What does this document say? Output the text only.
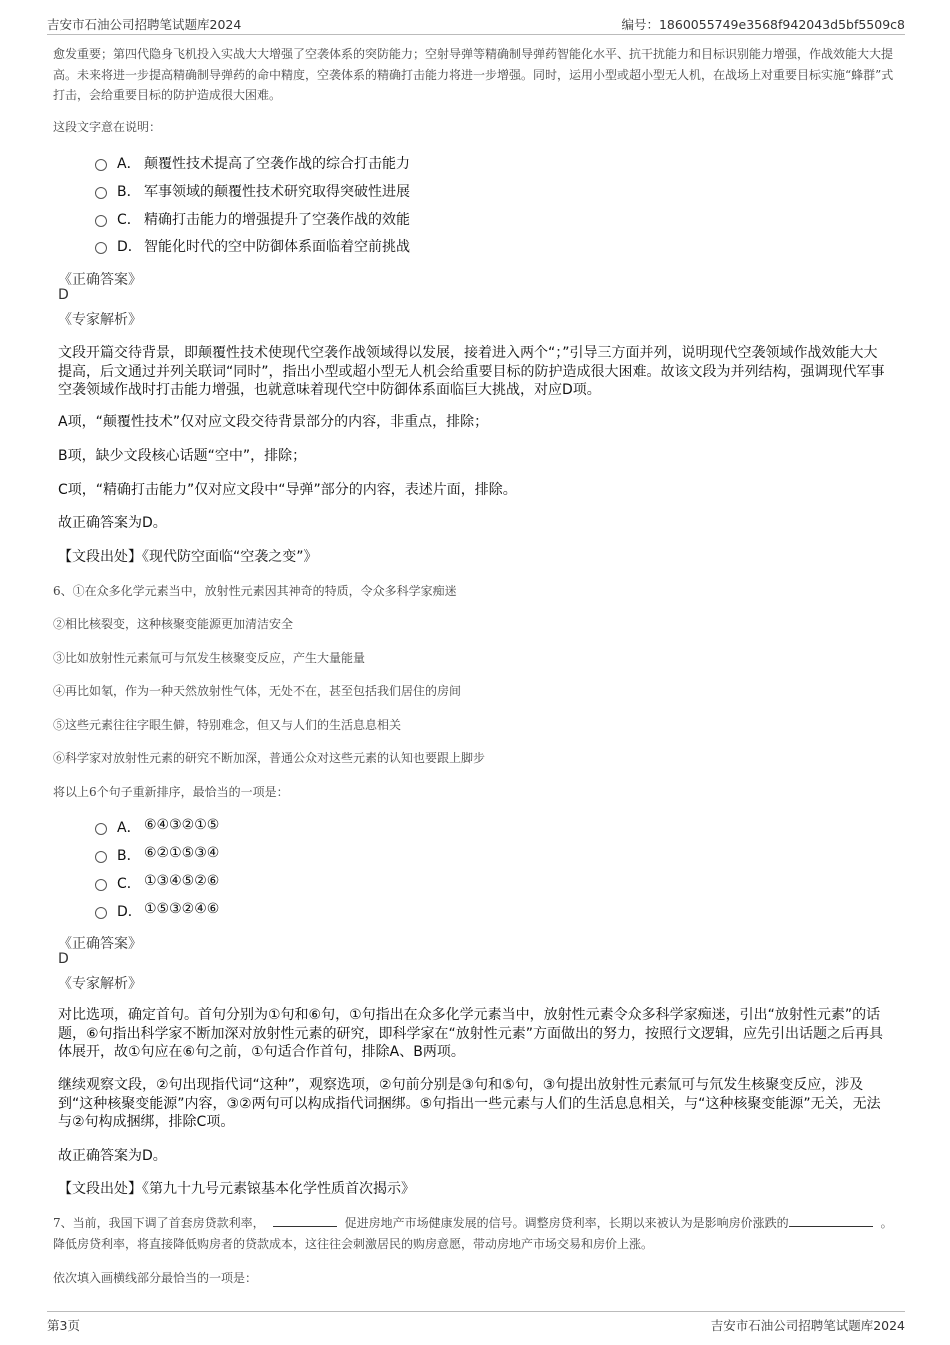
吉安市石油公司招聘笔试题库2024	编号：1860055749e3568f942043d5bf5509c8
愈发重要；第四代隐身飞机投入实战大大增强了空袭体系的突防能力；空射导弹等精确制导弹药智能化水平、抗干扰能力和目标识别能力增强，作战效能大大提高。未来将进一步提高精确制导弹药的命中精度，空袭体系的精确打击能力将进一步增强。同时，运用小型或超小型无人机，在战场上对重要目标实施“蜂群”式打击，会给重要目标的防护造成很大困难。
这段文字意在说明：
A． 颠覆性技术提高了空袭作战的综合打击能力
B． 军事领域的颠覆性技术研究取得突破性进展
C． 精确打击能力的增强提升了空袭作战的效能
D． 智能化时代的空中防御体系面临着空前挑战
《正确答案》
D
《专家解析》
文段开篇交待背景，即颠覆性技术使现代空袭作战领域得以发展，接着进入两个“；”引导三方面并列，说明现代空袭领域作战效能大大提高，后文通过并列关联词“同时”，指出小型或超小型无人机会给重要目标的防护造成很大困难。故该文段为并列结构，强调现代军事空袭领域作战时打击能力增强，也就意味着现代空中防御体系面临巨大挑战，对应D项。
A项，“颠覆性技术”仅对应文段交待背景部分的内容，非重点，排除；
B项，缺少文段核心话题“空中”，排除；
C项，“精确打击能力”仅对应文段中“导弹”部分的内容，表述片面，排除。
故正确答案为D。
【文段出处】《现代防空面临“空袭之变”》
6、①在众多化学元素当中，放射性元素因其神奇的特质，令众多科学家痴迷
②相比核裂变，这种核聚变能源更加清洁安全
③比如放射性元素氚可与氘发生核聚变反应，产生大量能量
④再比如氡，作为一种天然放射性气体，无处不在，甚至包括我们居住的房间
⑤这些元素往往字眼生僻，特别难念，但又与人们的生活息息相关
⑥科学家对放射性元素的研究不断加深，普通公众对这些元素的认知也要跟上脚步
将以上6个句子重新排序，最恰当的一项是：
A． ⑥④③②①⑤
B． ⑥②①⑤③④
C． ①③④⑤②⑥
D． ①⑤③②④⑥
《正确答案》
D
《专家解析》
对比选项，确定首句。首句分别为①句和⑥句，①句指出在众多化学元素当中，放射性元素令众多科学家痴迷，引出“放射性元素”的话题，⑥句指出科学家不断加深对放射性元素的研究，即科学家在“放射性元素”方面做出的努力，按照行文逻辑，应先引出话题之后再具体展开，故①句应在⑥句之前，①句适合作首句，排除A、B两项。
继续观察文段，②句出现指代词“这种”，观察选项，②句前分别是③句和⑤句，③句提出放射性元素氚可与氘发生核聚变反应，涉及到“这种核聚变能源”内容，③②两句可以构成指代词捆绑。⑤句指出一些元素与人们的生活息息相关，与“这种核聚变能源”无关，无法与②句构成捆绑，排除C项。
故正确答案为D。
【文段出处】《第九十九号元素锿基本化学性质首次揭示》
7、当前，我国下调了首套房贷款利率，	促进房地产市场健康发展的信号。调整房贷利率，长期以来被认为是影响房价涨跌的	。降低房贷利率，将直接降低购房者的贷款成本，这往往会刺激居民的购房意愿，带动房地产市场交易和房价上涨。
依次填入画横线部分最恰当的一项是：
第3页	吉安市石油公司招聘笔试题库2024
